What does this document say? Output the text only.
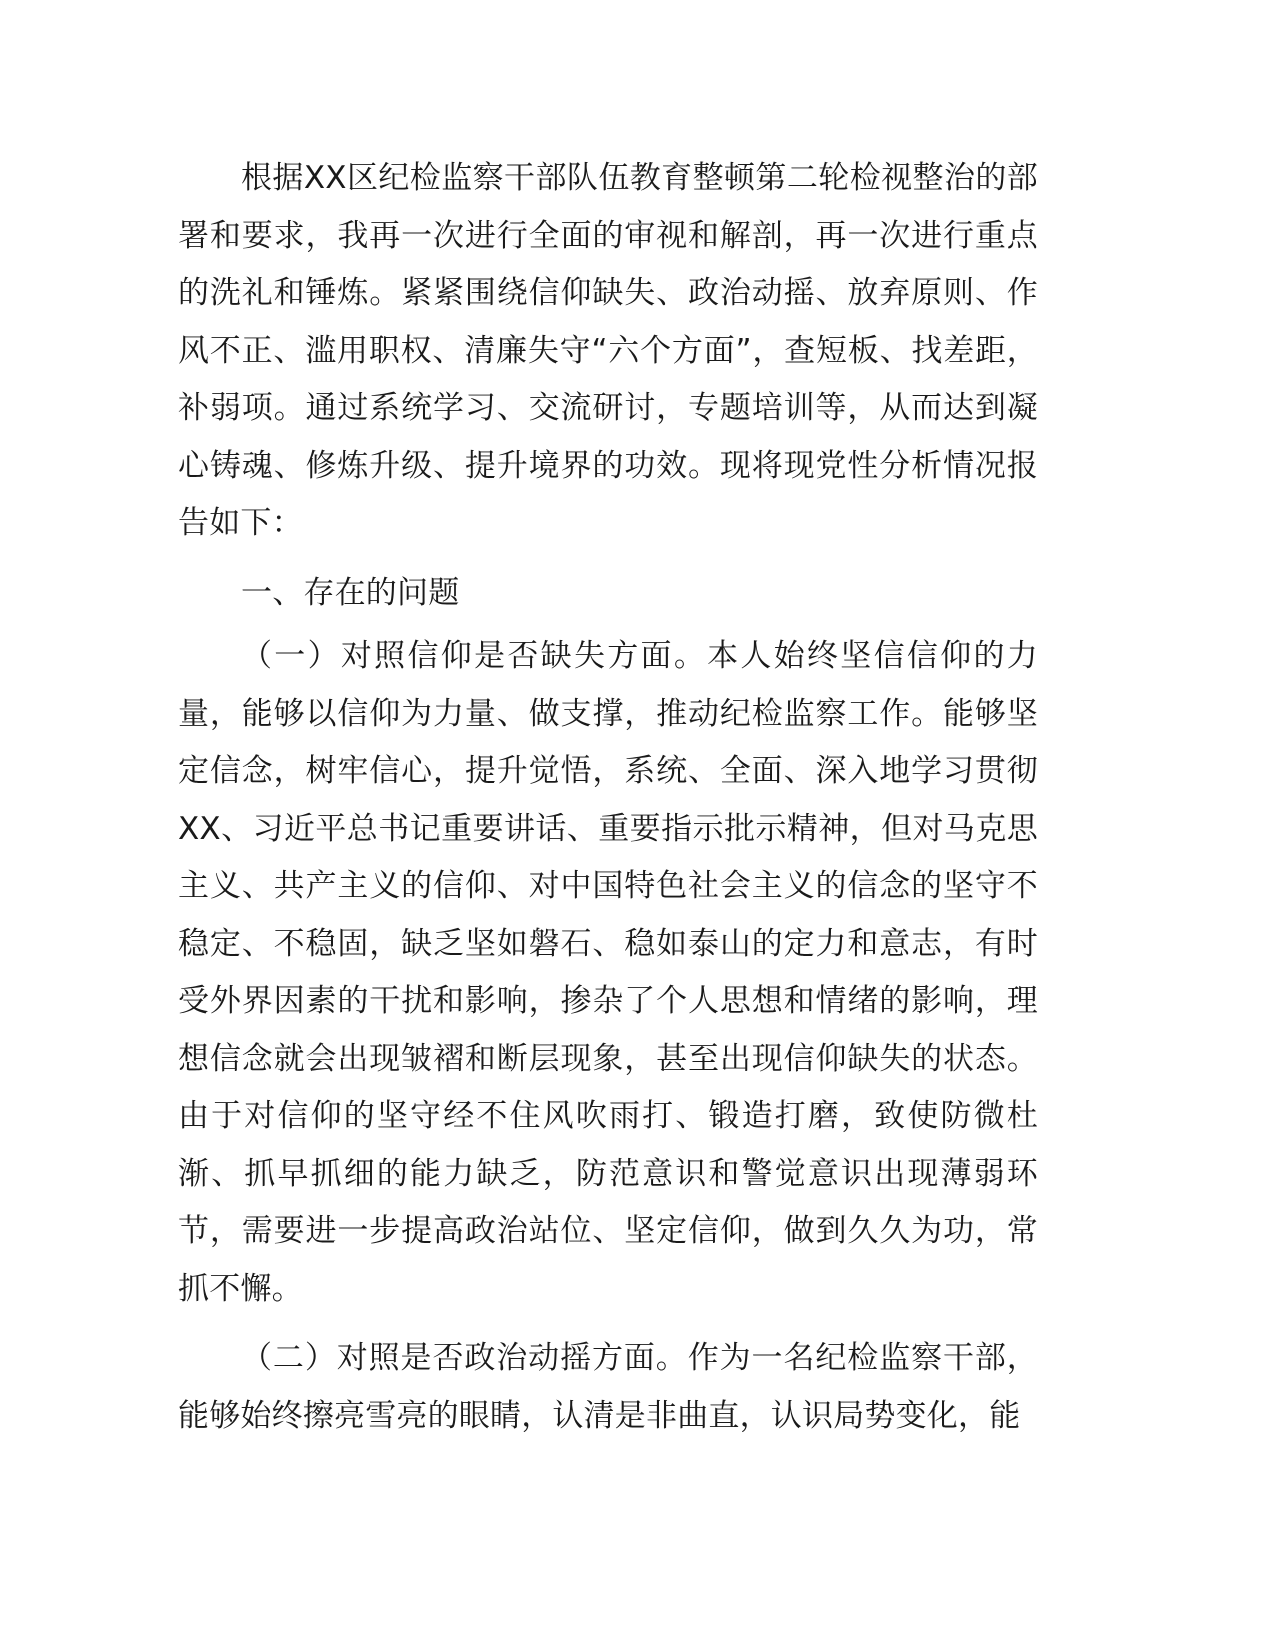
根据XX区纪检监察干部队伍教育整顿第二轮检视整治的部署和要求，我再一次进行全面的审视和解剖，再一次进行重点的洗礼和锤炼。紧紧围绕信仰缺失、政治动摇、放弃原则、作风不正、滥用职权、清廉失守“六个方面”，查短板、找差距，补弱项。通过系统学习、交流研讨，专题培训等，从而达到凝心铸魂、修炼升级、提升境界的功效。现将现党性分析情况报告如下：

一、存在的问题

（一）对照信仰是否缺失方面。本人始终坚信信仰的力量，能够以信仰为力量、做支撑，推动纪检监察工作。能够坚定信念，树牢信心，提升觉悟，系统、全面、深入地学习贯彻XX、习近平总书记重要讲话、重要指示批示精神，但对马克思主义、共产主义的信仰、对中国特色社会主义的信念的坚守不稳定、不稳固，缺乏坚如磐石、稳如泰山的定力和意志，有时受外界因素的干扰和影响，掺杂了个人思想和情绪的影响，理想信念就会出现皱褶和断层现象，甚至出现信仰缺失的状态。由于对信仰的坚守经不住风吹雨打、锻造打磨，致使防微杜渐、抓早抓细的能力缺乏，防范意识和警觉意识出现薄弱环节，需要进一步提高政治站位、坚定信仰，做到久久为功，常抓不懈。

（二）对照是否政治动摇方面。作为一名纪检监察干部，能够始终擦亮雪亮的眼睛，认清是非曲直，认识局势变化，能
